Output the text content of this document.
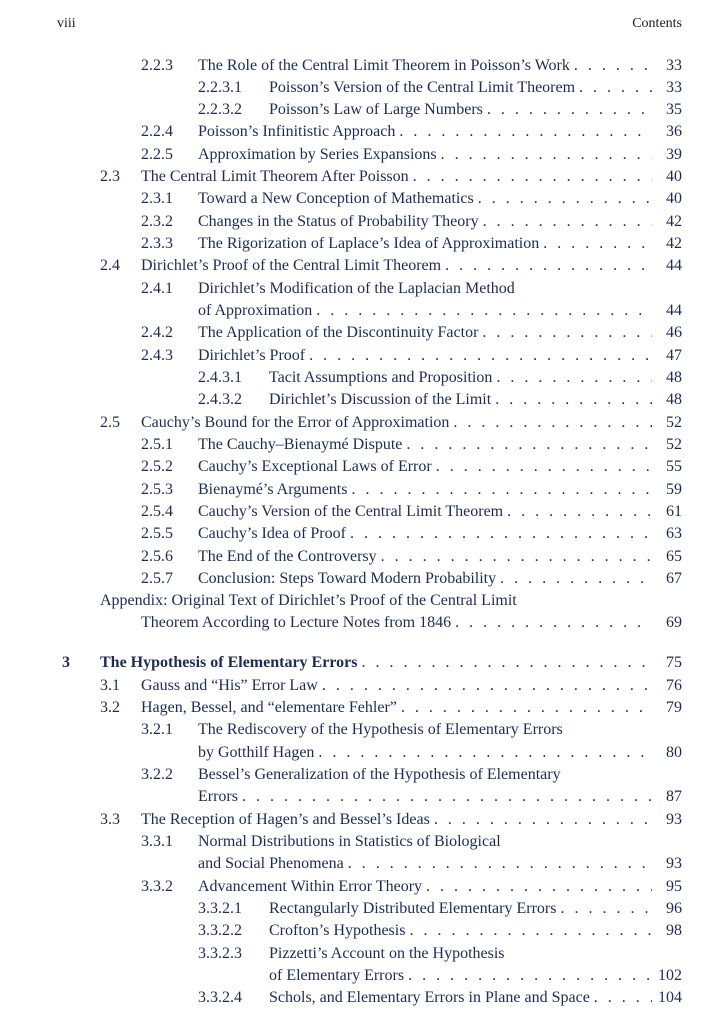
viii	Contents
2.2.3 The Role of the Central Limit Theorem in Poisson’s Work . . .	33
2.2.3.1 Poisson’s Version of the Central Limit Theorem . . .	33
2.2.3.2 Poisson’s Law of Large Numbers . . .	35
2.2.4 Poisson’s Infinitistic Approach . . .	36
2.2.5 Approximation by Series Expansions . . .	39
2.3 The Central Limit Theorem After Poisson . . .	40
2.3.1 Toward a New Conception of Mathematics . . .	40
2.3.2 Changes in the Status of Probability Theory . . .	42
2.3.3 The Rigorization of Laplace’s Idea of Approximation . . .	42
2.4 Dirichlet’s Proof of the Central Limit Theorem . . .	44
2.4.1 Dirichlet’s Modification of the Laplacian Method
of Approximation . . .	44
2.4.2 The Application of the Discontinuity Factor . . .	46
2.4.3 Dirichlet’s Proof . . .	47
2.4.3.1 Tacit Assumptions and Proposition . . .	48
2.4.3.2 Dirichlet’s Discussion of the Limit . . .	48
2.5 Cauchy’s Bound for the Error of Approximation . . .	52
2.5.1 The Cauchy–Bienaymé Dispute . . .	52
2.5.2 Cauchy’s Exceptional Laws of Error . . .	55
2.5.3 Bienaymé’s Arguments . . .	59
2.5.4 Cauchy’s Version of the Central Limit Theorem . . .	61
2.5.5 Cauchy’s Idea of Proof . . .	63
2.5.6 The End of the Controversy . . .	65
2.5.7 Conclusion: Steps Toward Modern Probability . . .	67
Appendix: Original Text of Dirichlet’s Proof of the Central Limit
Theorem According to Lecture Notes from 1846 . . .	69
3 The Hypothesis of Elementary Errors . . .	75
3.1 Gauss and “His” Error Law . . .	76
3.2 Hagen, Bessel, and “elementare Fehler” . . .	79
3.2.1 The Rediscovery of the Hypothesis of Elementary Errors
by Gotthilf Hagen . . .	80
3.2.2 Bessel’s Generalization of the Hypothesis of Elementary
Errors . . .	87
3.3 The Reception of Hagen’s and Bessel’s Ideas . . .	93
3.3.1 Normal Distributions in Statistics of Biological
and Social Phenomena . . .	93
3.3.2 Advancement Within Error Theory . . .	95
3.3.2.1 Rectangularly Distributed Elementary Errors . . .	96
3.3.2.2 Crofton’s Hypothesis . . .	98
3.3.2.3 Pizzetti’s Account on the Hypothesis
of Elementary Errors . . .	102
3.3.2.4 Schols, and Elementary Errors in Plane and Space . . .	104
